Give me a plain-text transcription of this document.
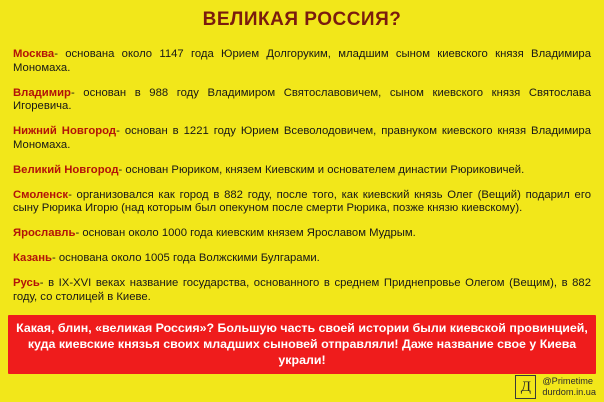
ВЕЛИКАЯ РОССИЯ?

Москва- основана около 1147 года Юрием Долгоруким, младшим сыном киевского князя Владимира Мономаха.

Владимир- основан в 988 году Владимиром Святославовичем, сыном киевского князя Святослава Игоревича.

Нижний Новгород- основан в 1221 году Юрием Всеволодовичем, правнуком киевского князя Владимира Мономаха.

Великий Новгород- основан Рюриком, князем Киевским и основателем династии Рюриковичей.

Смоленск- организовался как город в 882 году, после того, как киевский князь Олег (Вещий) подарил его сыну Рюрика Игорю (над которым был опекуном после смерти Рюрика, позже князю киевскому).

Ярославль- основан около 1000 года киевским князем Ярославом Мудрым.

Казань- основана около 1005 года Волжскими Булгарами.

Русь- в IX-XVI веках название государства, основанного в среднем Приднепровье Олегом (Вещим), в 882 году, со столицей в Киеве.

Какая, блин, «великая Россия»? Большую часть своей истории были киевской провинцией, куда киевские князья своих младших сыновей отправляли! Даже название свое у Киева украли!
Д	@Primetime
durdom.in.ua
